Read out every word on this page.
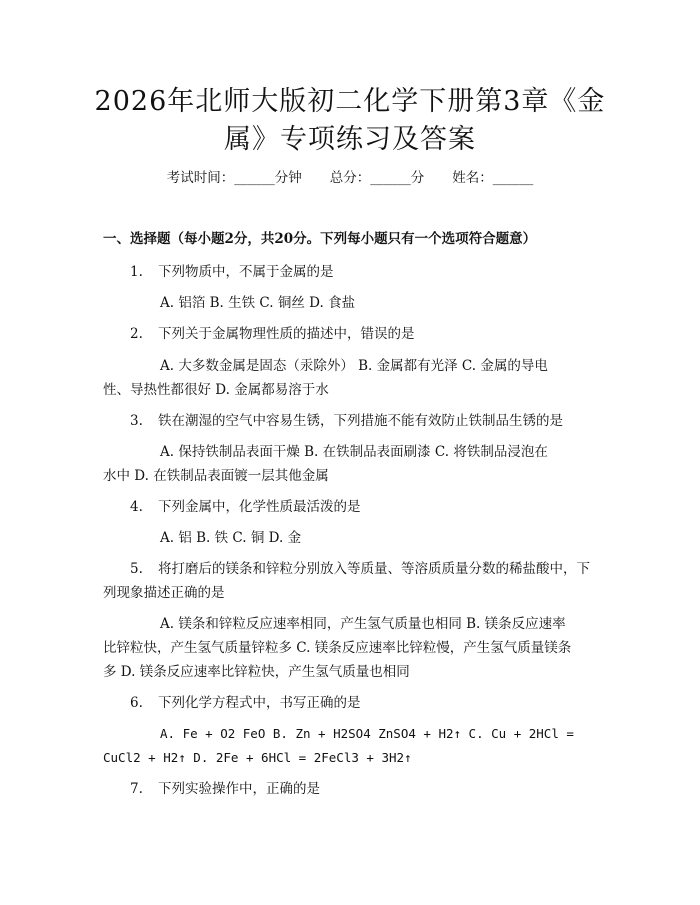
2026年北师大版初二化学下册第3章《金
属》专项练习及答案
考试时间：______分钟 总分：______分 姓名：______
一、选择题（每小题2分，共20分。下列每小题只有一个选项符合题意）
1. 下列物质中，不属于金属的是
A. 铝箔 B. 生铁 C. 铜丝 D. 食盐
2. 下列关于金属物理性质的描述中，错误的是
A. 大多数金属是固态（汞除外） B. 金属都有光泽 C. 金属的导电
性、导热性都很好 D. 金属都易溶于水
3. 铁在潮湿的空气中容易生锈，下列措施不能有效防止铁制品生锈的是
A. 保持铁制品表面干燥 B. 在铁制品表面刷漆 C. 将铁制品浸泡在
水中 D. 在铁制品表面镀一层其他金属
4. 下列金属中，化学性质最活泼的是
A. 铝 B. 铁 C. 铜 D. 金
5. 将打磨后的镁条和锌粒分别放入等质量、等溶质质量分数的稀盐酸中，下
列现象描述正确的是
A. 镁条和锌粒反应速率相同，产生氢气质量也相同 B. 镁条反应速率
比锌粒快，产生氢气质量锌粒多 C. 镁条反应速率比锌粒慢，产生氢气质量镁条
多 D. 镁条反应速率比锌粒快，产生氢气质量也相同
6. 下列化学方程式中，书写正确的是
A. Fe + O2 FeO B. Zn + H2SO4 ZnSO4 + H2↑ C. Cu + 2HCl =
CuCl2 + H2↑ D. 2Fe + 6HCl = 2FeCl3 + 3H2↑
7. 下列实验操作中，正确的是
